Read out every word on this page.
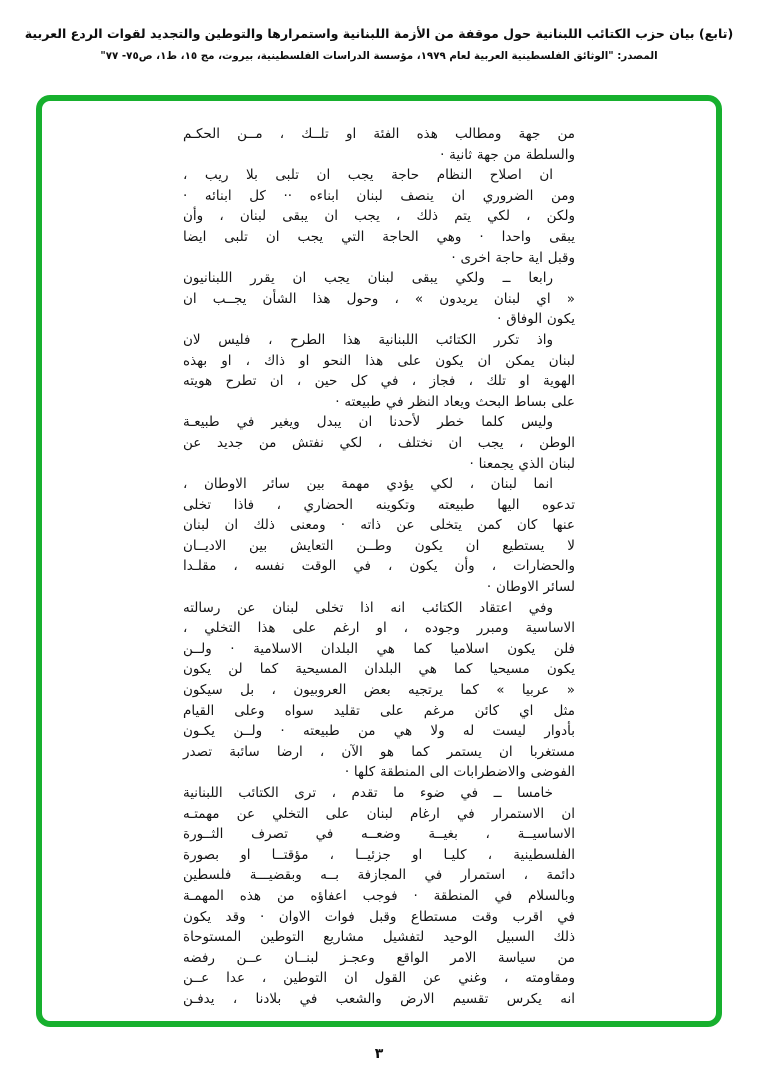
(تابع) بيان حزب الكتائب اللبنانية حول موقفة من الأزمة اللبنانية واستمرارها والتوطين والتجديد لقوات الردع العربية
المصدر: "الوثائق الفلسطينية العربية لعام ١٩٧٩، مؤسسة الدراسات الفلسطينية، بيروت، مج ١٥، ط١، ص٧٥- ٧٧"
من جهة ومطالب هذه الفئة او تلــك ، مــن الحكـم
والسلطة من جهة ثانية ·
ان اصلاح النظام حاجة يجب ان تلبى بلا ريب ،
ومن الضروري ان ينصف لبنان ابناءه ·· كل ابنائه ·
ولكن ، لكي يتم ذلك ، يجب ان يبقى لبنان ، وأن
يبقى واحدا · وهي الحاجة التي يجب ان تلبى ايضا
وقبل اية حاجة اخرى ·
رابعا ــ ولكي يبقى لبنان يجب ان يقرر اللبنانيون
« اي لبنان يريدون » ، وحول هذا الشأن يجــب ان
يكون الوفاق ·
واذ تكرر الكتائب اللبنانية هذا الطرح ، فليس لان
لبنان يمكن ان يكون على هذا النحو او ذاك ، او بهذه
الهوية او تلك ، فجاز ، في كل حين ، ان تطرح هويته
على بساط البحث ويعاد النظر في طبيعته ·
وليس كلما خطر لأحدنا ان يبدل ويغير في طبيعـة
الوطن ، يجب ان نختلف ، لكي نفتش من جديد عن
لبنان الذي يجمعنا ·
انما لبنان ، لكي يؤدي مهمة بين سائر الاوطان ،
تدعوه اليها طبيعته وتكوينه الحضاري ، فاذا تخلى
عنها كان كمن يتخلى عن ذاته · ومعنى ذلك ان لبنان
لا يستطيع ان يكون وطــن التعايش بين الاديــان
والحضارات ، وأن يكون ، في الوقت نفسه ، مقلـدا
لسائر الاوطان ·
وفي اعتقاد الكتائب انه اذا تخلى لبنان عن رسالته
الاساسية ومبرر وجوده ، او ارغم على هذا التخلي ،
فلن يكون اسلاميا كما هي البلدان الاسلامية · ولــن
يكون مسيحيا كما هي البلدان المسيحية كما لن يكون
« عربيا » كما يرتجيه بعض العروبيون ، بل سيكون
مثل اي كائن مرغم على تقليد سواه وعلى القيام
بأدوار ليست له ولا هي من طبيعته · ولــن يكـون
مستغربا ان يستمر كما هو الآن ، ارضا سائبة تصدر
الفوضى والاضطرابات الى المنطقة كلها ·
خامسا ــ في ضوء ما تقدم ، ترى الكتائب اللبنانية
ان الاستمرار في ارغام لبنان على التخلي عن مهمتـه
الاساسيــة ، بغيــة وضعــه في تصرف الثــورة
الفلسطينية ، كليـا او جزئيــا ، مؤقتــا او بصورة
دائمة ، استمرار في المجازفة بــه وبقضيـــة فلسطين
وبالسلام في المنطقة · فوجب اعفاؤه من هذه المهمـة
في اقرب وقت مستطاع وقبل فوات الاوان · وقد يكون
ذلك السبيل الوحيد لتفشيل مشاريع التوطين المستوحاة
من سياسة الامر الواقع وعجـز لبنــان عــن رفضه
ومقاومته ، وغني عن القول ان التوطين ، عدا عــن
انه يكرس تقسيم الارض والشعب في بلادنا ، يدفـن
٣
